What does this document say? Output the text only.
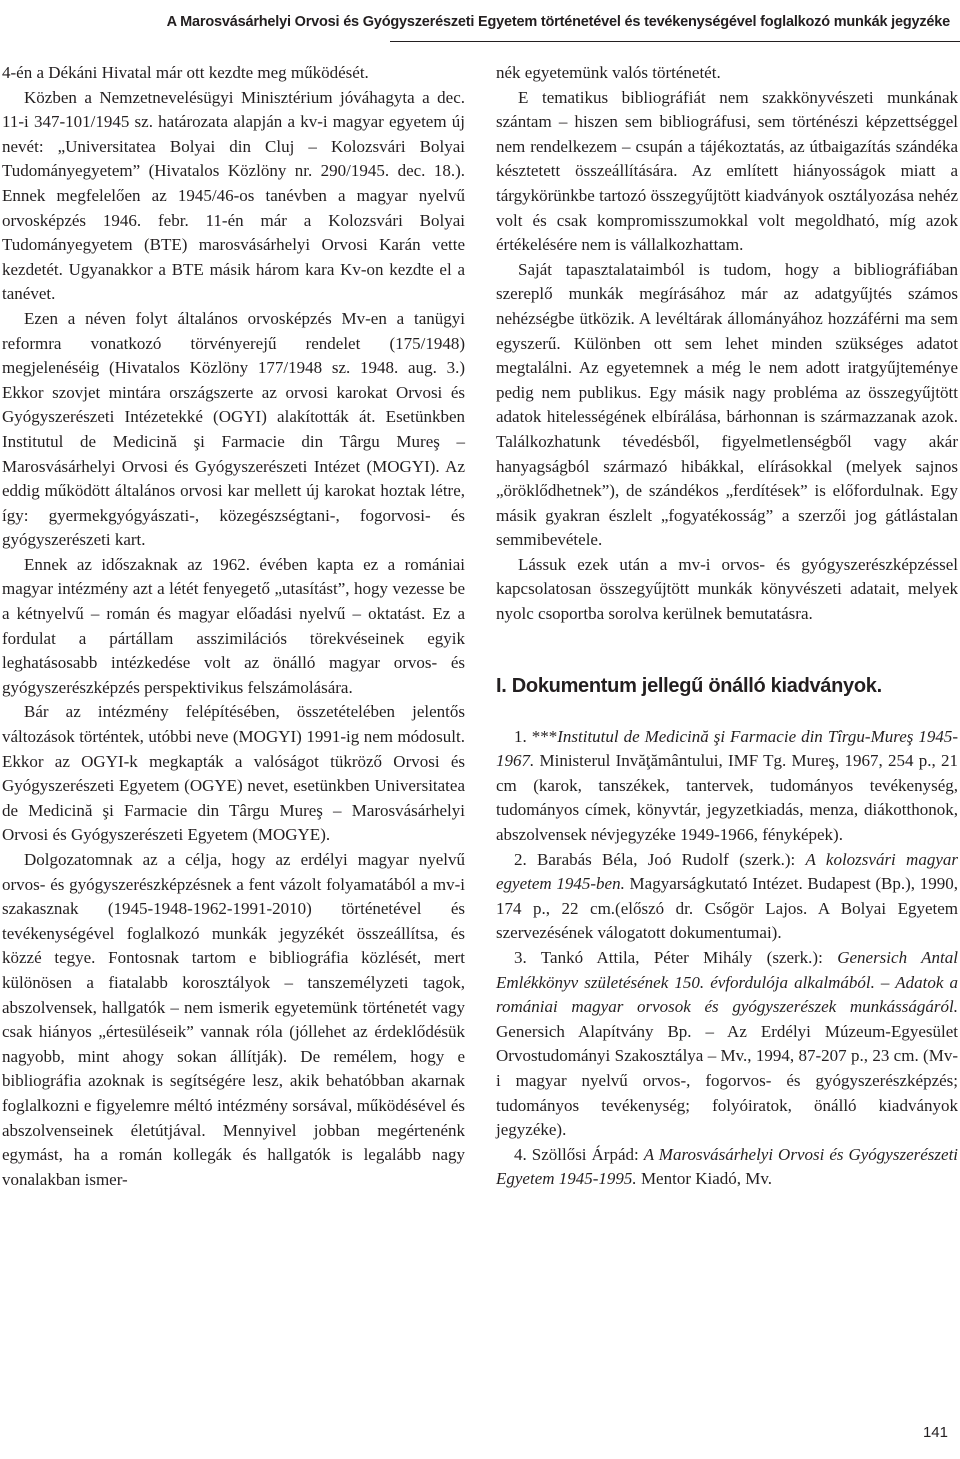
A Marosvásárhelyi Orvosi és Gyógyszerészeti Egyetem történetével és tevékenységével foglalkozó munkák jegyzéke

4-én a Dékáni Hivatal már ott kezdte meg működését.

Közben a Nemzetnevelésügyi Minisztérium jóváhagyta a dec. 11-i 347-101/1945 sz. határozata alapján a kv-i magyar egyetem új nevét: „Universitatea Bolyai din Cluj – Kolozsvári Bolyai Tudományegyetem” (Hivatalos Közlöny nr. 290/1945. dec. 18.). Ennek megfelelően az 1945/46-os tanévben a magyar nyelvű orvosképzés 1946. febr. 11-én már a Kolozsvári Bolyai Tudományegyetem (BTE) marosvásárhelyi Orvosi Karán vette kezdetét. Ugyanakkor a BTE másik három kara Kv-on kezdte el a tanévet.

Ezen a néven folyt általános orvosképzés Mv-en a tanügyi reformra vonatkozó törvényerejű rendelet (175/1948) megjelenéséig (Hivatalos Közlöny 177/1948 sz. 1948. aug. 3.) Ekkor szovjet mintára országszerte az orvosi karokat Orvosi és Gyógyszerészeti Intézetekké (OGYI) alakították át. Esetünkben Institutul de Medicină şi Farmacie din Târgu Mureş – Marosvásárhelyi Orvosi és Gyógyszerészeti Intézet (MOGYI). Az eddig működött általános orvosi kar mellett új karokat hoztak létre, így: gyermekgyógyászati-, közegészségtani-, fogorvosi- és gyógyszerészeti kart.

Ennek az időszaknak az 1962. évében kapta ez a romániai magyar intézmény azt a létét fenyegető „utasítást”, hogy vezesse be a kétnyelvű – román és magyar előadási nyelvű – oktatást. Ez a fordulat a pártállam asszimilációs törekvéseinek egyik leghatásosabb intézkedése volt az önálló magyar orvos- és gyógyszerészképzés perspektivikus felszámolására.

Bár az intézmény felépítésében, összetételében jelentős változások történtek, utóbbi neve (MOGYI) 1991-ig nem módosult. Ekkor az OGYI-k megkapták a valóságot tükröző Orvosi és Gyógyszerészeti Egyetem (OGYE) nevet, esetünkben Universitatea de Medicină şi Farmacie din Târgu Mureş – Marosvásárhelyi Orvosi és Gyógyszerészeti Egyetem (MOGYE).

Dolgozatomnak az a célja, hogy az erdélyi magyar nyelvű orvos- és gyógyszerészképzésnek a fent vázolt folyamatából a mv-i szakasznak (1945-1948-1962-1991-2010) történetével és tevékenységével foglalkozó munkák jegyzékét összeállítsa, és közzé tegye. Fontosnak tartom e bibliográfia közlését, mert különösen a fiatalabb korosztályok – tanszemélyzeti tagok, abszolvensek, hallgatók – nem ismerik egyetemünk történetét vagy csak hiányos „értesüléseik” vannak róla (jóllehet az érdeklődésük nagyobb, mint ahogy sokan állítják). De remélem, hogy e bibliográfia azoknak is segítségére lesz, akik behatóbban akarnak foglalkozni e figyelemre méltó intézmény sorsával, működésével és abszolvenseinek életútjával. Mennyivel jobban megértenénk egymást, ha a román kollegák és hallgatók is legalább nagy vonalakban ismer-

nék egyetemünk valós történetét.

E tematikus bibliográfiát nem szakkönyvészeti munkának szántam – hiszen sem bibliográfusi, sem történészi képzettséggel nem rendelkezem – csupán a tájékoztatás, az útbaigazítás szándéka késztetett összeállítására. Az említett hiányosságok miatt a tárgykörünkbe tartozó összegyűjtött kiadványok osztályozása nehéz volt és csak kompromisszumokkal volt megoldható, míg azok értékelésére nem is vállalkozhattam.

Saját tapasztalataimból is tudom, hogy a bibliográfiában szereplő munkák megírásához már az adatgyűjtés számos nehézségbe ütközik. A levéltárak állományához hozzáférni ma sem egyszerű. Különben ott sem lehet minden szükséges adatot megtalálni. Az egyetemnek a még le nem adott iratgyűjteménye pedig nem publikus. Egy másik nagy probléma az összegyűjtött adatok hitelességének elbírálása, bárhonnan is származzanak azok. Találkozhatunk tévedésből, figyelmetlenségből vagy akár hanyagságból származó hibákkal, elírásokkal (melyek sajnos „öröklődhetnek”), de szándékos „ferdítések” is előfordulnak. Egy másik gyakran észlelt „fogyatékosság” a szerzői jog gátlástalan semmibevétele.

Lássuk ezek után a mv-i orvos- és gyógyszerészképzéssel kapcsolatosan összegyűjtött munkák könyvészeti adatait, melyek nyolc csoportba sorolva kerülnek bemutatásra.

I. Dokumentum jellegű önálló kiadványok.

1. ***Institutul de Medicină şi Farmacie din Tîrgu-Mureş 1945-1967. Ministerul Invăţământului, IMF Tg. Mureş, 1967, 254 p., 21 cm (karok, tanszékek, tantervek, tudományos tevékenység, tudományos címek, könyvtár, jegyzetkiadás, menza, diákotthonok, abszolvensek névjegyzéke 1949-1966, fényképek).

2. Barabás Béla, Joó Rudolf (szerk.): A kolozsvári magyar egyetem 1945-ben. Magyarságkutató Intézet. Budapest (Bp.), 1990, 174 p., 22 cm.(előszó dr. Csőgör Lajos. A Bolyai Egyetem szervezésének válogatott dokumentumai).

3. Tankó Attila, Péter Mihály (szerk.): Genersich Antal Emlékkönyv születésének 150. évfordulója alkalmából. – Adatok a romániai magyar orvosok és gyógyszerészek munkásságáról. Genersich Alapítvány Bp. – Az Erdélyi Múzeum-Egyesület Orvostudományi Szakosztálya – Mv., 1994, 87-207 p., 23 cm. (Mv-i magyar nyelvű orvos-, fogorvos- és gyógyszerészképzés; tudományos tevékenység; folyóiratok, önálló kiadványok jegyzéke).

4. Szöllősi Árpád: A Marosvásárhelyi Orvosi és Gyógyszerészeti Egyetem 1945-1995. Mentor Kiadó, Mv.

141
